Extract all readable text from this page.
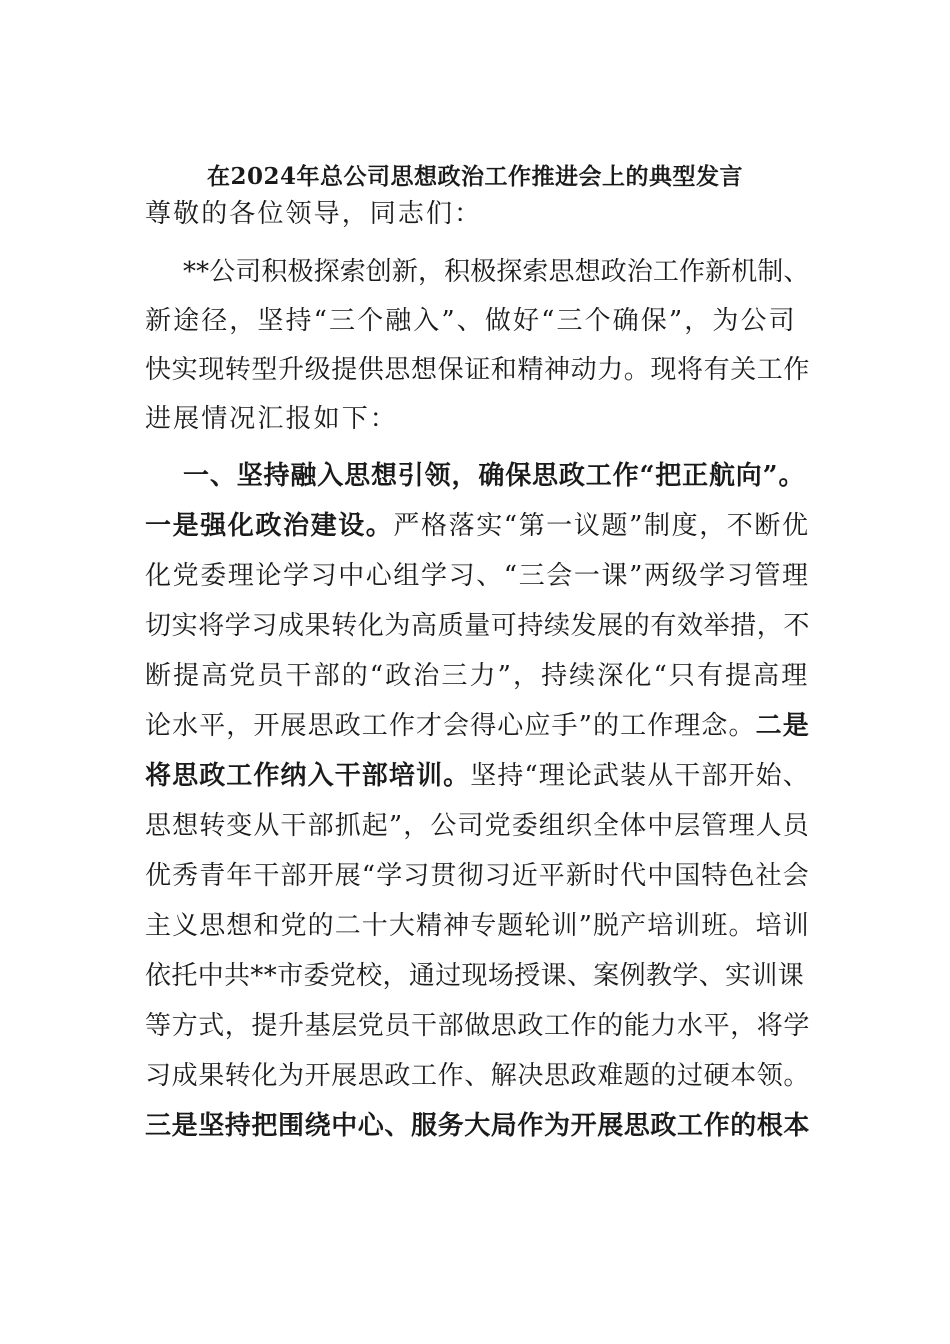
在2024年总公司思想政治工作推进会上的典型发言
尊敬的各位领导，同志们：
**公司积极探索创新，积极探索思想政治工作新机制、
新途径，坚持“三个融入”、做好“三个确保”，为公司
快实现转型升级提供思想保证和精神动力。现将有关工作
进展情况汇报如下：
一、坚持融入思想引领，确保思政工作“把正航向”。
一是强化政治建设。严格落实“第一议题”制度，不断优
化党委理论学习中心组学习、“三会一课”两级学习管理
切实将学习成果转化为高质量可持续发展的有效举措，不
断提高党员干部的“政治三力”，持续深化“只有提高理
论水平，开展思政工作才会得心应手”的工作理念。二是
将思政工作纳入干部培训。坚持“理论武装从干部开始、
思想转变从干部抓起”，公司党委组织全体中层管理人员
优秀青年干部开展“学习贯彻习近平新时代中国特色社会
主义思想和党的二十大精神专题轮训”脱产培训班。培训
依托中共**市委党校，通过现场授课、案例教学、实训课
等方式，提升基层党员干部做思政工作的能力水平，将学
习成果转化为开展思政工作、解决思政难题的过硬本领。
三是坚持把围绕中心、服务大局作为开展思政工作的根本
